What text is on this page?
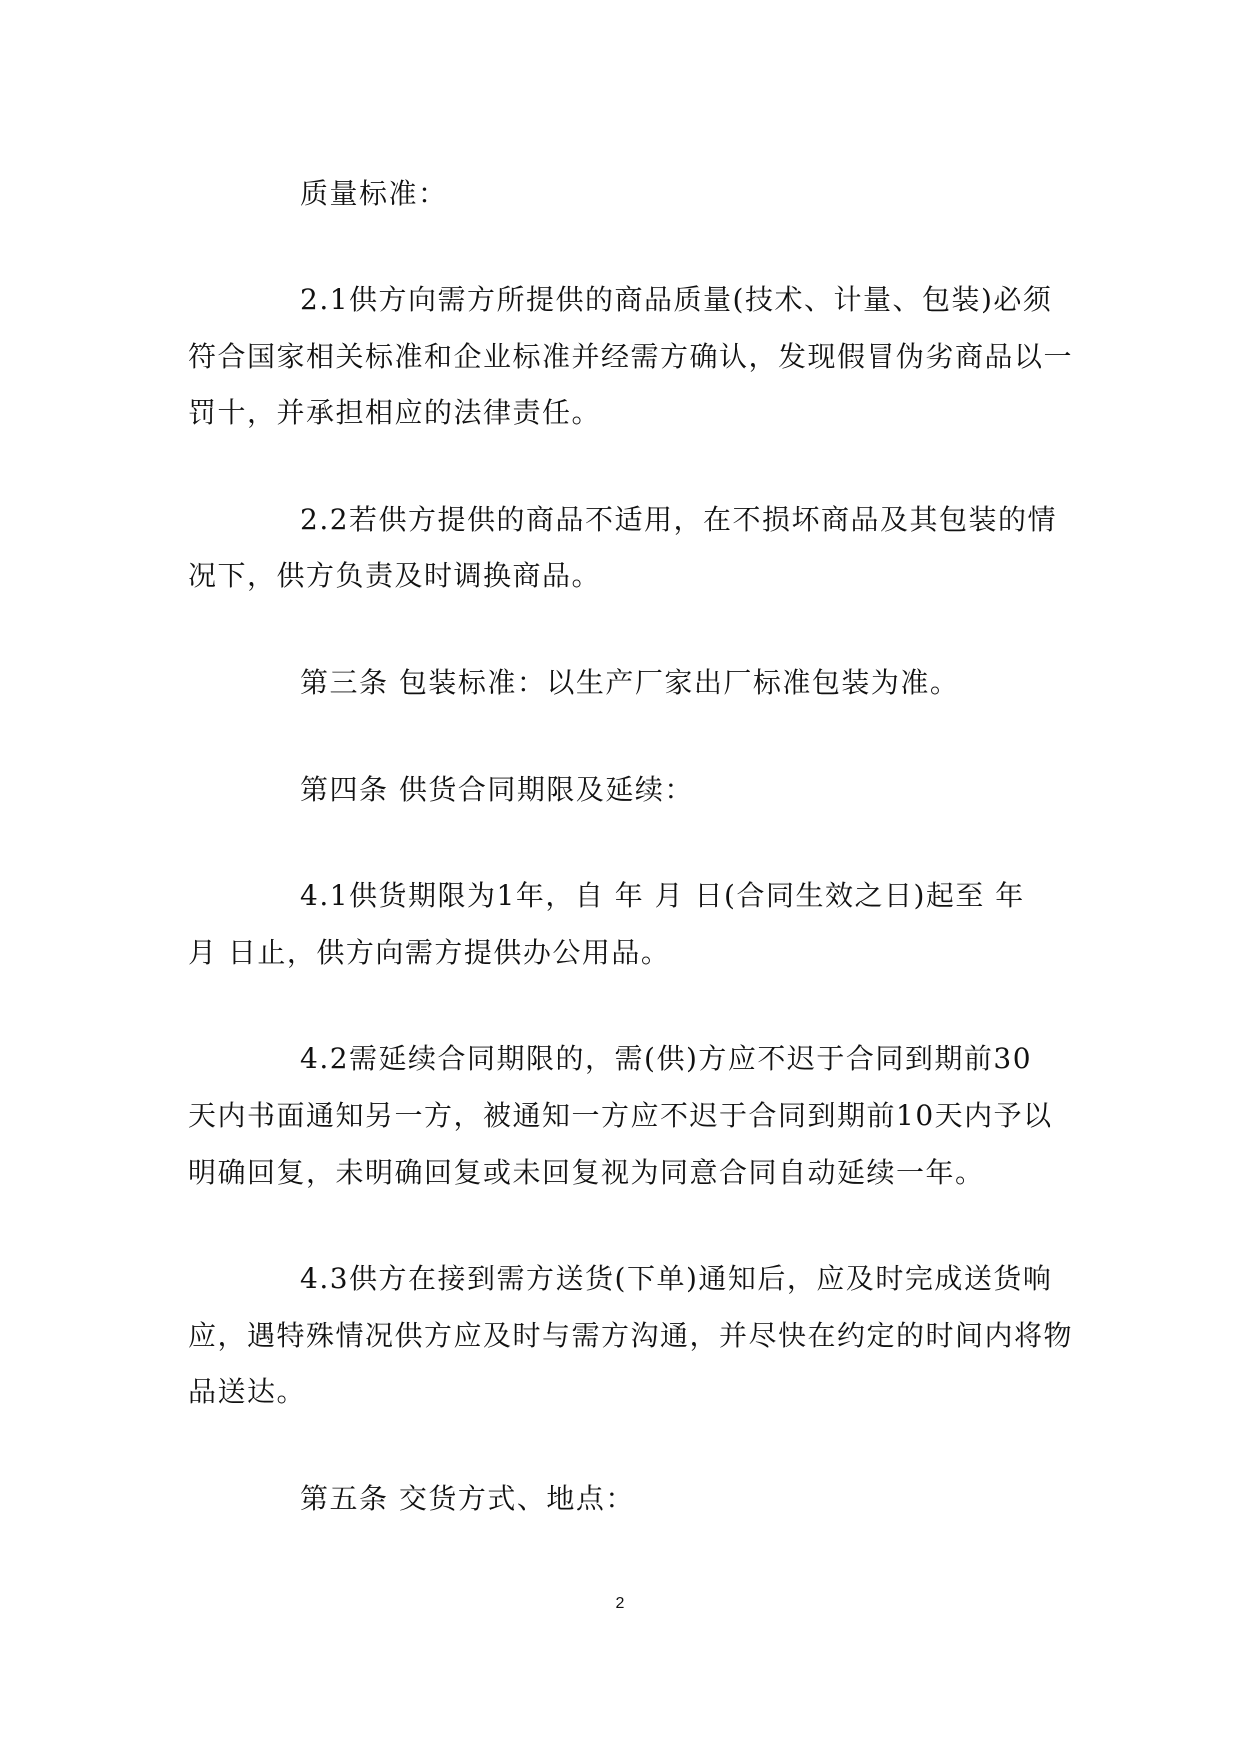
质量标准：
2.1供方向需方所提供的商品质量(技术、计量、包装)必须
符合国家相关标准和企业标准并经需方确认，发现假冒伪劣商品以一
罚十，并承担相应的法律责任。
2.2若供方提供的商品不适用，在不损坏商品及其包装的情
况下，供方负责及时调换商品。
第三条 包装标准：以生产厂家出厂标准包装为准。
第四条 供货合同期限及延续：
4.1供货期限为1年，自 年 月 日(合同生效之日)起至 年
月 日止，供方向需方提供办公用品。
4.2需延续合同期限的，需(供)方应不迟于合同到期前30
天内书面通知另一方，被通知一方应不迟于合同到期前10天内予以
明确回复，未明确回复或未回复视为同意合同自动延续一年。
4.3供方在接到需方送货(下单)通知后，应及时完成送货响
应，遇特殊情况供方应及时与需方沟通，并尽快在约定的时间内将物
品送达。
第五条 交货方式、地点：
2
